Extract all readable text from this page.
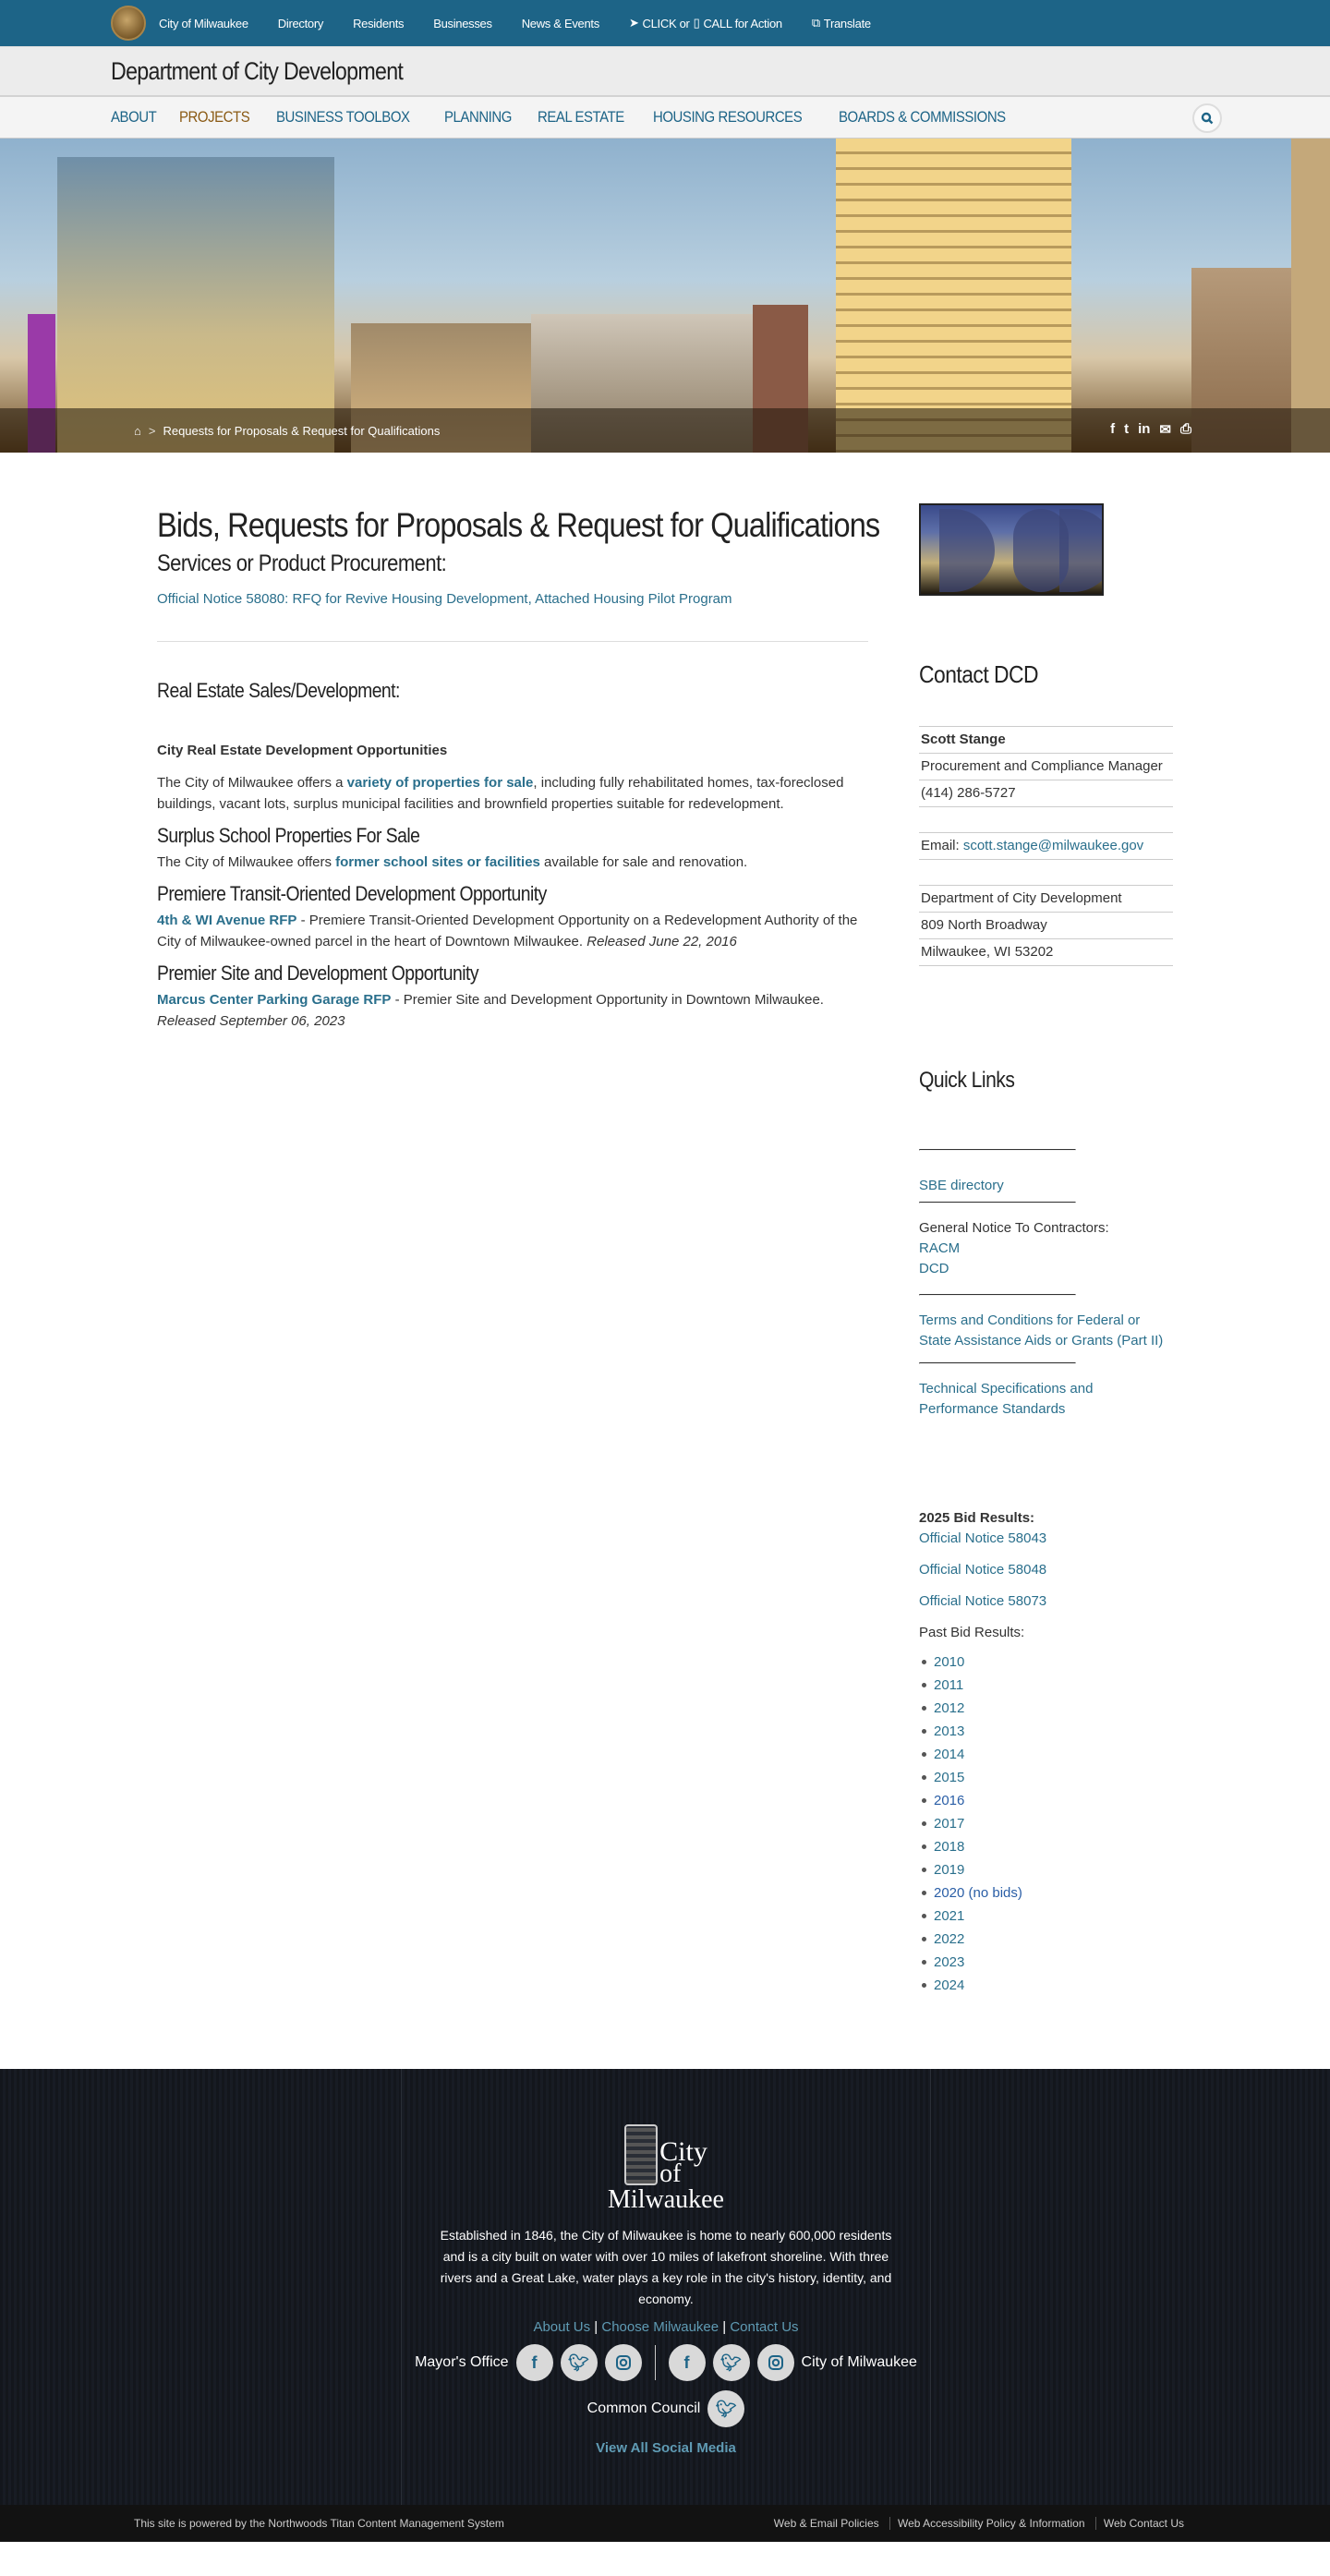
City of Milwaukee Directory Residents Businesses News & Events ➤ CLICK or ▯ CALL for Action ⧉ Translate
Department of City Development
ABOUT PROJECTS BUSINESS TOOLBOX PLANNING REAL ESTATE HOUSING RESOURCES BOARDS & COMMISSIONS
⌂ > Requests for Proposals & Request for Qualifications	f t in ✉ ⎙
Bids, Requests for Proposals & Request for Qualifications
Services or Product Procurement:

Official Notice 58080: RFQ for Revive Housing Development, Attached Housing Pilot Program

Real Estate Sales/Development:

City Real Estate Development Opportunities

The City of Milwaukee offers a variety of properties for sale, including fully rehabilitated homes, tax-foreclosed buildings, vacant lots, surplus municipal facilities and brownfield properties suitable for redevelopment.

Surplus School Properties For Sale

The City of Milwaukee offers former school sites or facilities available for sale and renovation.

Premiere Transit-Oriented Development Opportunity

4th & WI Avenue RFP - Premiere Transit-Oriented Development Opportunity on a Redevelopment Authority of the City of Milwaukee-owned parcel in the heart of Downtown Milwaukee. Released June 22, 2016

Premier Site and Development Opportunity

Marcus Center Parking Garage RFP - Premier Site and Development Opportunity in Downtown Milwaukee. Released September 06, 2023

Contact DCD
Scott Stange
Procurement and Compliance Manager
(414) 286-5727
Email: scott.stange@milwaukee.gov
Department of City Development
809 North Broadway
Milwaukee, WI 53202
Quick Links

SBE directory

General Notice To Contractors:

RACM

DCD

Terms and Conditions for Federal or State Assistance Aids or Grants (Part II)

Technical Specifications and Performance Standards

2025 Bid Results:

Official Notice 58043

Official Notice 58048

Official Notice 58073

Past Bid Results:

2010
2011
2012
2013
2014
2015
2016
2017
2018
2019
2020 (no bids)
2021
2022
2023
2024
City
of
Milwaukee

Established in 1846, the City of Milwaukee is home to nearly 600,000 residents and is a city built on water with over 10 miles of lakefront shoreline. With three rivers and a Great Lake, water plays a key role in the city's history, identity, and economy.

About Us | Choose Milwaukee | Contact Us
Mayor's Office	f	🐦︎	f	🐦︎	City of Milwaukee
Common Council 🐦︎
View All Social Media
This site is powered by the Northwoods Titan Content Management System	Web & Email Policies Web Accessibility Policy & Information Web Contact Us
